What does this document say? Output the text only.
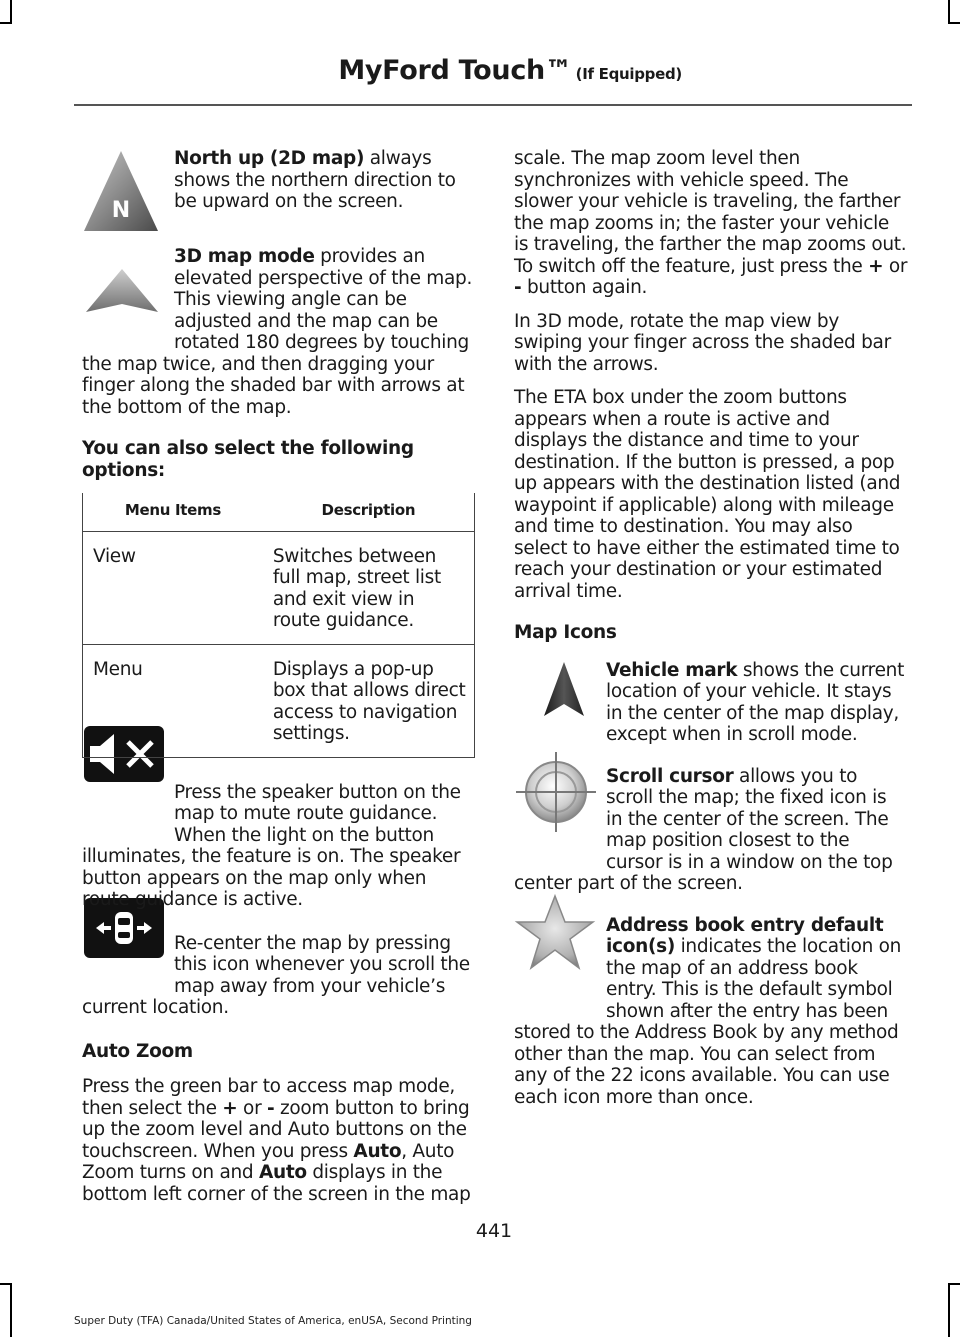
MyFord Touch™ (If Equipped)
N

North up (2D map) always shows the northern direction to be upward on the screen.

3D map mode provides an elevated perspective of the map. This viewing angle can be adjusted and the map can be rotated 180 degrees by touching the map twice, and then dragging your finger along the shaded bar with arrows at the bottom of the map.

You can also select the following options:

Menu Items	Description
View	Switches between full map, street list and exit view in route guidance.
Menu	Displays a pop-up box that allows direct access to navigation settings.

Press the speaker button on the map to mute route guidance. When the light on the button illuminates, the feature is on. The speaker button appears on the map only when route guidance is active.

Re-center the map by pressing this icon whenever you scroll the map away from your vehicle’s current location.

Auto Zoom

Press the green bar to access map mode, then select the + or - zoom button to bring up the zoom level and Auto buttons on the touchscreen. When you press Auto, Auto Zoom turns on and Auto displays in the bottom left corner of the screen in the map

scale. The map zoom level then synchronizes with vehicle speed. The slower your vehicle is traveling, the farther the map zooms in; the faster your vehicle is traveling, the farther the map zooms out. To switch off the feature, just press the + or - button again.

In 3D mode, rotate the map view by swiping your finger across the shaded bar with the arrows.

The ETA box under the zoom buttons appears when a route is active and displays the distance and time to your destination. If the button is pressed, a pop up appears with the destination listed (and waypoint if applicable) along with mileage and time to destination. You may also select to have either the estimated time to reach your destination or your estimated arrival time.

Map Icons

Vehicle mark shows the current location of your vehicle. It stays in the center of the map display, except when in scroll mode.

Scroll cursor allows you to scroll the map; the fixed icon is in the center of the screen. The map position closest to the cursor is in a window on the top center part of the screen.

Address book entry default icon(s) indicates the location on the map of an address book entry. This is the default symbol shown after the entry has been stored to the Address Book by any method other than the map. You can select from any of the 22 icons available. You can use each icon more than once.

441
Super Duty (TFA) Canada/United States of America, enUSA, Second Printing
